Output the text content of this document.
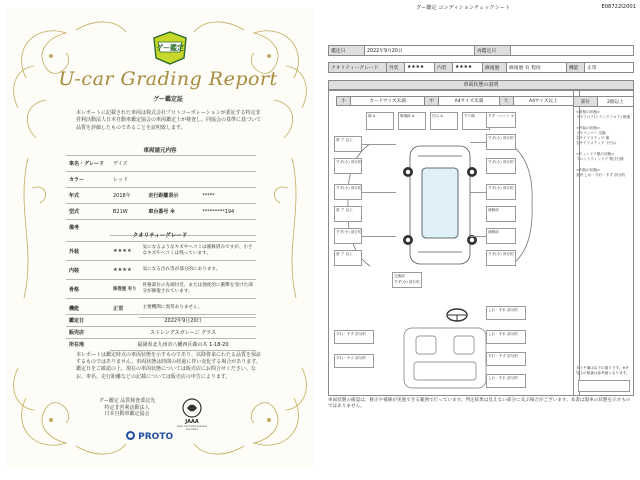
グー鑑定
U-car Grading Report
グー鑑定証
本レポートに記載された車両は株式会社プロトコーポレーションが委託する特定非営利活動法人日本自動車鑑定協会の車両鑑定士が検査し、同協会の基準に基づいて品質を評価したものであることを証明致します。
車両諸元内容
車名・グレード	デイズ		
カラー	レッド		
年式	2018年	走行距離表示	*****
型式	B21W	車台番号 ※	*********194
備考			
クオリティーグレード
外装	★★★★	気になるようなキズやヘコミは補修済みですが、小さなキズやヘコミは残っています。
内装	★★★★	気になる汚れ等が部分的にあります。
骨格	修復歴 有り	骨格部位の先端付近、または強度的に衝撃を受けた部分が修復されています。
機能	正常	主要機関に異常ありません。
鑑定日	2022年9月20日
販売店	ストレングスガレージ グラス
所在地	福岡県北九州市八幡西区森の木 1-18-20
本レポートは鑑定時点の車両状態を示すものであり、以降将来にわたる品質を保証するものではありません。車両状態は時間の経過に伴い変化する場合があります。鑑定日をご確認の上、現在の車両状態については販売店にお問合せください。なお、車名、走行距離などの記載については販売店の申告によります。
グー鑑定 品質検査委託先
特定非営利活動法人
日本自動車鑑定協会
JAAA
Japan Automobile Appraisal Association
PROTO
グー鑑定 コンディションチェックシート	E08722I2001
鑑定日	2022年9月20日	再鑑定日	
クオリティーグレード	外装	★★★★	内装	★★★★	修復歴	修復歴 有 程度	機能	正常
車両状態の説明
小	カードサイズ未満	中	A4サイズ未満	大	A4サイズ以上	部位	2個以上
傷 A	修理跡 A	凹み A	すり傷
塗 ア 以上
すず(小) 部分的
すず(小) 部分的
塗 ア 以上
すず(小) 部分的
塗 ア 以上
すず・ヘコミ 小
すず(小) 部分的
すず(小) 部分的
すず(小) 部分的
補修部
補修部
すず(小) 部分的
交換部
すず(小) 部分的
すれ・すず 部分的
すれ・キズ 部分的
しわ・すれ 部分的
しわ・すれ 部分的
すれ・すず 部分的
しわ・すれ 部分的
<骨格の状態>
リヤフロア(トランクフロア) 修復
<外装の状態>
リヤバンパー 交換
右サイドステップ 傷
右サイドステップ 下凹み
<ウィンドウ類の状態>
フロントウィンドウ 飛び石傷
<内装の状態>
室内 しわ・すれ・すず 部分的
タイヤ溝は以下の通りです。※外見上の数値は参考値となります。
車両状態の確認は、修正や補修が実施できる範囲で行っています。判定結果は見えない部分に及ぶ場合がございます。本書は現車の状態を示すものではありません。
